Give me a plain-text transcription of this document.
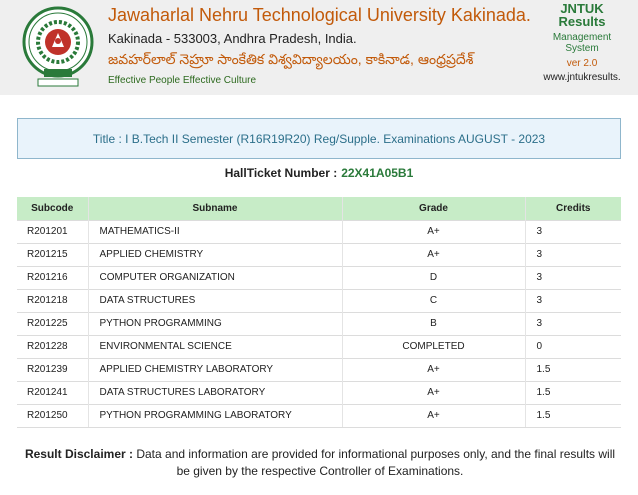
Jawaharlal Nehru Technological University Kakinada.
Kakinada - 533003, Andhra Pradesh, India.
జవహర్‌లాల్ నెహ్రూ సాంకేతిక విశ్వవిద్యాలయం, కాకినాడ, ఆంధ్రప్రదేశ్
Effective People Effective Culture
JNTUK
Results
Management
System
ver 2.0
www.jntukresults.
Title : I B.Tech II Semester (R16R19R20) Reg/Supple. Examinations AUGUST - 2023
HallTicket Number : 22X41A05B1
Subcode	Subname	Grade	Credits
R201201	MATHEMATICS-II	A+	3
R201215	APPLIED CHEMISTRY	A+	3
R201216	COMPUTER ORGANIZATION	D	3
R201218	DATA STRUCTURES	C	3
R201225	PYTHON PROGRAMMING	B	3
R201228	ENVIRONMENTAL SCIENCE	COMPLETED	0
R201239	APPLIED CHEMISTRY LABORATORY	A+	1.5
R201241	DATA STRUCTURES LABORATORY	A+	1.5
R201250	PYTHON PROGRAMMING LABORATORY	A+	1.5
Result Disclaimer : Data and information are provided for informational purposes only, and the final results will be given by the respective Controller of Examinations.
